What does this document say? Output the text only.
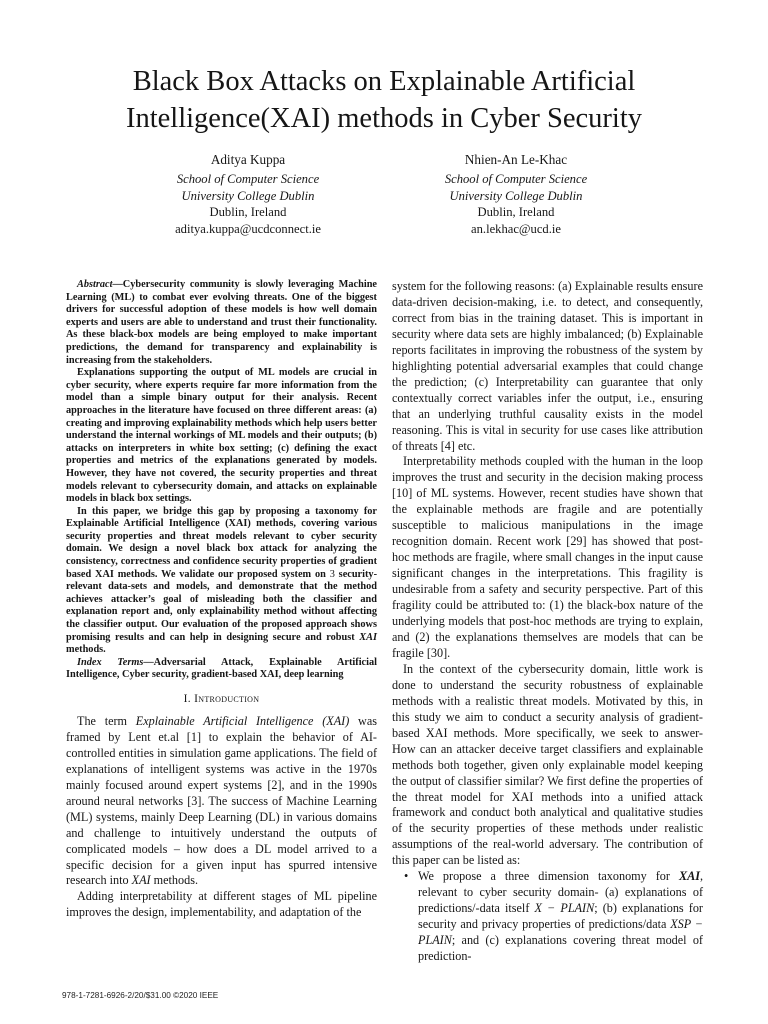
Black Box Attacks on Explainable Artificial
Intelligence(XAI) methods in Cyber Security
Aditya Kuppa
School of Computer Science
University College Dublin
Dublin, Ireland
aditya.kuppa@ucdconnect.ie
Nhien-An Le-Khac
School of Computer Science
University College Dublin
Dublin, Ireland
an.lekhac@ucd.ie

Abstract—Cybersecurity community is slowly leveraging Machine Learning (ML) to combat ever evolving threats. One of the biggest drivers for successful adoption of these models is how well domain experts and users are able to understand and trust their functionality. As these black-box models are being employed to make important predictions, the demand for transparency and explainability is increasing from the stakeholders.

Explanations supporting the output of ML models are crucial in cyber security, where experts require far more information from the model than a simple binary output for their analysis. Recent approaches in the literature have focused on three different areas: (a) creating and improving explainability methods which help users better understand the internal workings of ML models and their outputs; (b) attacks on interpreters in white box setting; (c) defining the exact properties and metrics of the explanations generated by models. However, they have not covered, the security properties and threat models relevant to cybersecurity domain, and attacks on explainable models in black box settings.

In this paper, we bridge this gap by proposing a taxonomy for Explainable Artificial Intelligence (XAI) methods, covering various security properties and threat models relevant to cyber security domain. We design a novel black box attack for analyzing the consistency, correctness and confidence security properties of gradient based XAI methods. We validate our proposed system on 3 security-relevant data-sets and models, and demonstrate that the method achieves attacker’s goal of misleading both the classifier and explanation report and, only explainability method without affecting the classifier output. Our evaluation of the proposed approach shows promising results and can help in designing secure and robust XAI methods.

Index Terms—Adversarial Attack, Explainable Artificial Intelligence, Cyber security, gradient-based XAI, deep learning

I. Introduction

The term Explainable Artificial Intelligence (XAI) was framed by Lent et.al [1] to explain the behavior of AI-controlled entities in simulation game applications. The field of explanations of intelligent systems was active in the 1970s mainly focused around expert systems [2], and in the 1990s around neural networks [3]. The success of Machine Learning (ML) systems, mainly Deep Learning (DL) in various domains and challenge to intuitively understand the outputs of complicated models – how does a DL model arrived to a specific decision for a given input has spurred intensive research into XAI methods.

Adding interpretability at different stages of ML pipeline improves the design, implementability, and adaptation of the

system for the following reasons: (a) Explainable results ensure data-driven decision-making, i.e. to detect, and consequently, correct from bias in the training dataset. This is important in security where data sets are highly imbalanced; (b) Explainable reports facilitates in improving the robustness of the system by highlighting potential adversarial examples that could change the prediction; (c) Interpretability can guarantee that only contextually correct variables infer the output, i.e., ensuring that an underlying truthful causality exists in the model reasoning. This is vital in security for use cases like attribution of threats [4] etc.

Interpretability methods coupled with the human in the loop improves the trust and security in the decision making process [10] of ML systems. However, recent studies have shown that the explainable methods are fragile and are potentially susceptible to malicious manipulations in the image recognition domain. Recent work [29] has showed that post-hoc methods are fragile, where small changes in the input cause significant changes in the interpretations. This fragility is undesirable from a safety and security perspective. Part of this fragility could be attributed to: (1) the black-box nature of the underlying models that post-hoc methods are trying to explain, and (2) the explanations themselves are models that can be fragile [30].

In the context of the cybersecurity domain, little work is done to understand the security robustness of explainable methods with a realistic threat models. Motivated by this, in this study we aim to conduct a security analysis of gradient-based XAI methods. More specifically, we seek to answer- How can an attacker deceive target classifiers and explainable methods both together, given only explainable model keeping the output of classifier similar? We first define the properties of the threat model for XAI methods into a unified attack framework and conduct both analytical and qualitative studies of the security properties of these methods under realistic assumptions of the real-world adversary. The contribution of this paper can be listed as:

• We propose a three dimension taxonomy for XAI, relevant to cyber security domain- (a) explanations of predictions/-data itself X − PLAIN; (b) explanations for security and privacy properties of predictions/data XSP − PLAIN; and (c) explanations covering threat model of prediction-

978-1-7281-6926-2/20/$31.00 ©2020 IEEE
